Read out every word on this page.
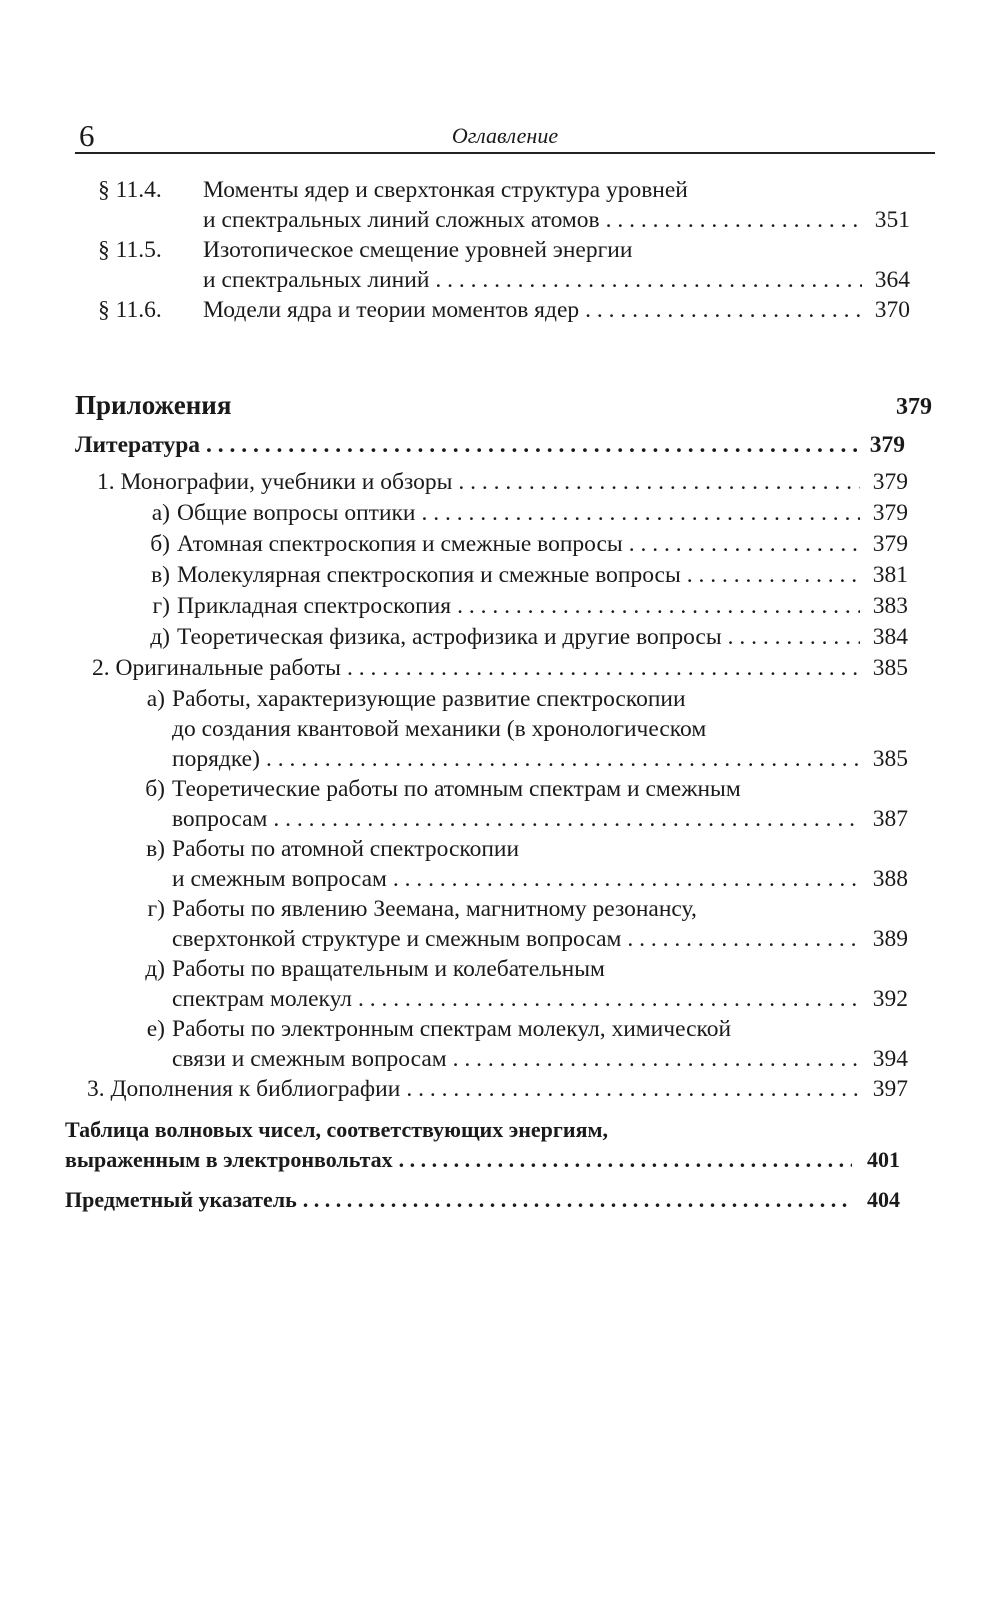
6	Оглавление
§ 11.4. Моменты ядер и сверхтонкая структура уровней
и спектральных линий сложных атомов . . .	351
§ 11.5. Изотопическое смещение уровней энергии
и спектральных линий . . .	364
§ 11.6. Модели ядра и теории моментов ядер . . .	370
Приложения	379
Литература . . .	379
1. Монографии, учебники и обзоры . . .	379
а) Общие вопросы оптики . . .	379
б) Атомная спектроскопия и смежные вопросы . . .	379
в) Молекулярная спектроскопия и смежные вопросы . . .	381
г) Прикладная спектроскопия . . .	383
д) Теоретическая физика, астрофизика и другие вопросы . . .	384
2. Оригинальные работы . . .	385
а) Работы, характеризующие развитие спектроскопии
до создания квантовой механики (в хронологическом
порядке) . . .	385
б) Теоретические работы по атомным спектрам и смежным
вопросам . . .	387
в) Работы по атомной спектроскопии
и смежным вопросам . . .	388
г) Работы по явлению Зеемана, магнитному резонансу,
сверхтонкой структуре и смежным вопросам . . .	389
д) Работы по вращательным и колебательным
спектрам молекул . . .	392
е) Работы по электронным спектрам молекул, химической
связи и смежным вопросам . . .	394
3. Дополнения к библиографии . . .	397
Таблица волновых чисел, соответствующих энергиям,
выраженным в электронвольтах . . .	401
Предметный указатель . . .	404
